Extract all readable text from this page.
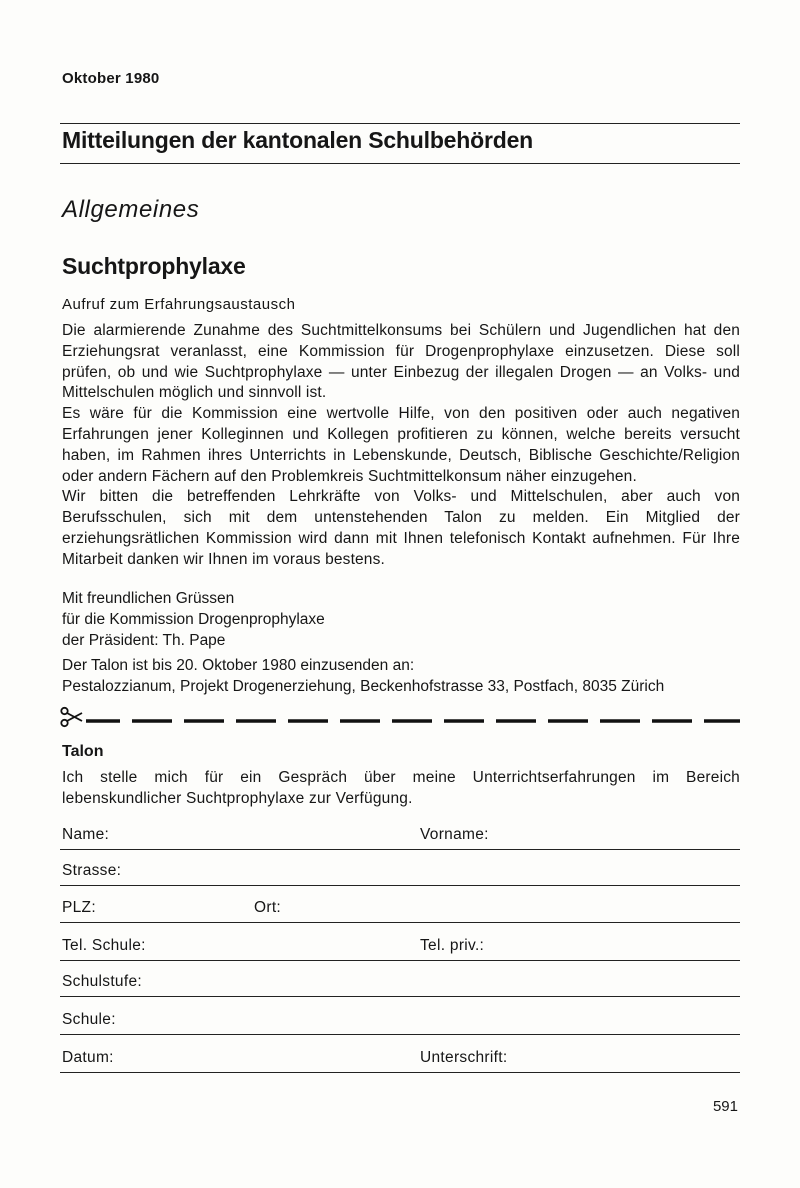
Oktober 1980
Mitteilungen der kantonalen Schulbehörden
Allgemeines
Suchtprophylaxe
Aufruf zum Erfahrungsaustausch

Die alarmierende Zunahme des Suchtmittelkonsums bei Schülern und Jugendlichen hat den Erziehungsrat veranlasst, eine Kommission für Drogenprophylaxe einzusetzen. Diese soll prüfen, ob und wie Suchtprophylaxe — unter Einbezug der illegalen Drogen — an Volks- und Mittelschulen möglich und sinnvoll ist.

Es wäre für die Kommission eine wertvolle Hilfe, von den positiven oder auch negativen Erfahrungen jener Kolleginnen und Kollegen profitieren zu können, welche bereits versucht haben, im Rahmen ihres Unterrichts in Lebenskunde, Deutsch, Biblische Geschichte/Religion oder andern Fächern auf den Problemkreis Suchtmittelkonsum näher einzugehen.

Wir bitten die betreffenden Lehrkräfte von Volks- und Mittelschulen, aber auch von Berufsschulen, sich mit dem untenstehenden Talon zu melden. Ein Mitglied der erziehungsrätlichen Kommission wird dann mit Ihnen telefonisch Kontakt aufnehmen. Für Ihre Mitarbeit danken wir Ihnen im voraus bestens.

Mit freundlichen Grüssen
für die Kommission Drogenprophylaxe
der Präsident: Th. Pape
Der Talon ist bis 20. Oktober 1980 einzusenden an:
Pestalozzianum, Projekt Drogenerziehung, Beckenhofstrasse 33, Postfach, 8035 Zürich
Talon
Ich stelle mich für ein Gespräch über meine Unterrichtserfahrungen im Bereich lebenskundlicher Suchtprophylaxe zur Verfügung.
Name:	Vorname:
Strasse:
PLZ:	Ort:
Tel. Schule:	Tel. priv.:
Schulstufe:
Schule:
Datum:	Unterschrift:
591
